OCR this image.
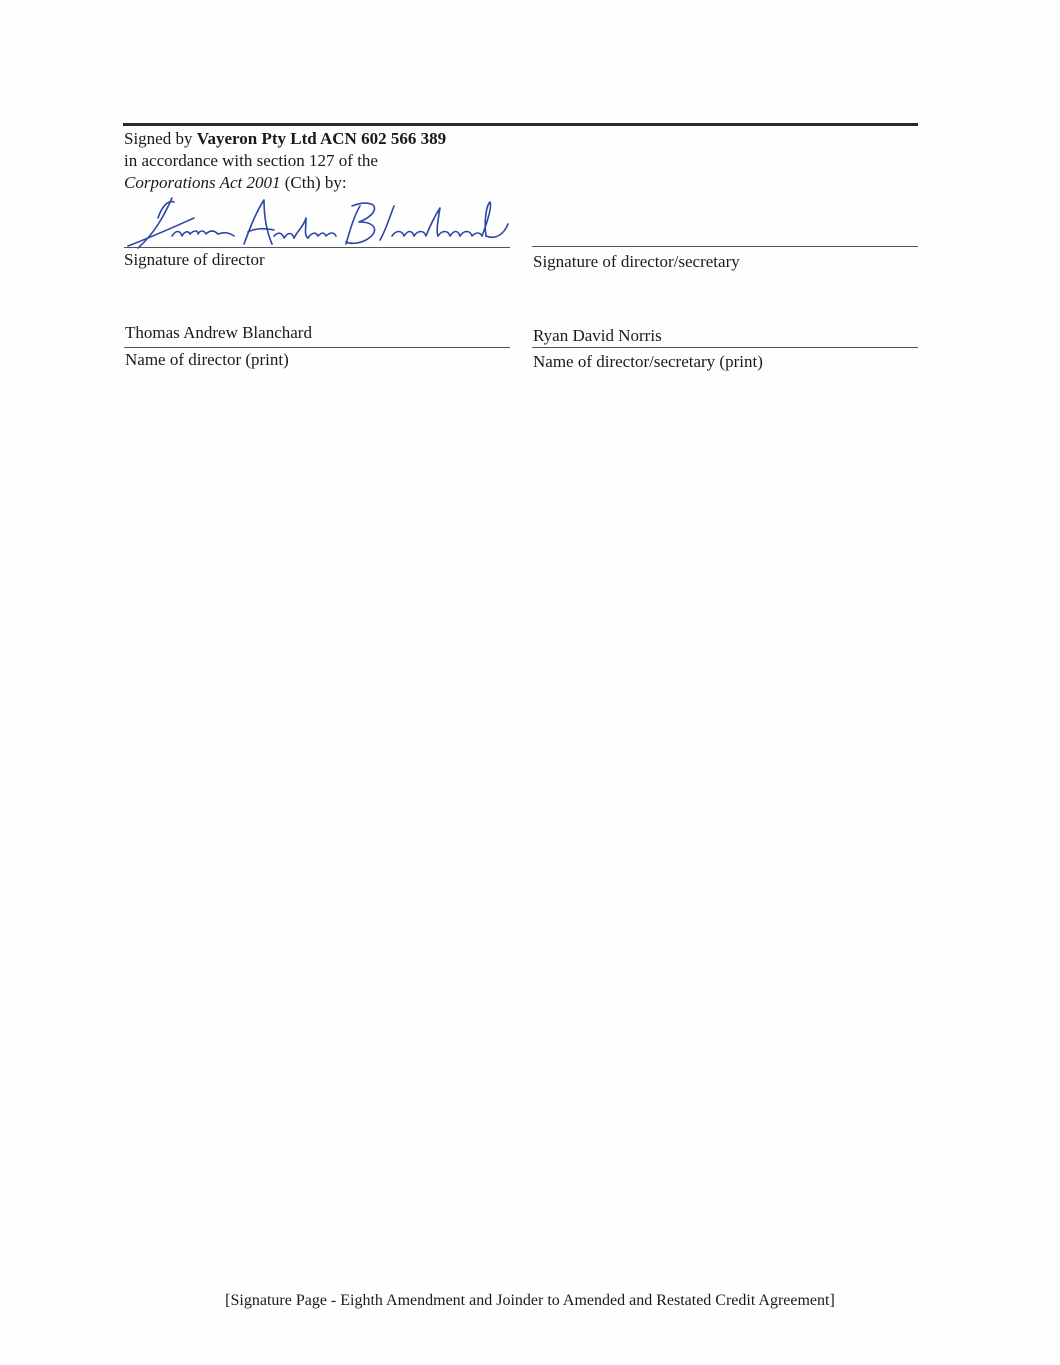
Signed by Vayeron Pty Ltd ACN 602 566 389
in accordance with section 127 of the
Corporations Act 2001 (Cth) by:
Signature of director	Signature of director/secretary
Thomas Andrew Blanchard
Name of director (print)
Ryan David Norris
Name of director/secretary (print)
[Signature Page - Eighth Amendment and Joinder to Amended and Restated Credit Agreement]
